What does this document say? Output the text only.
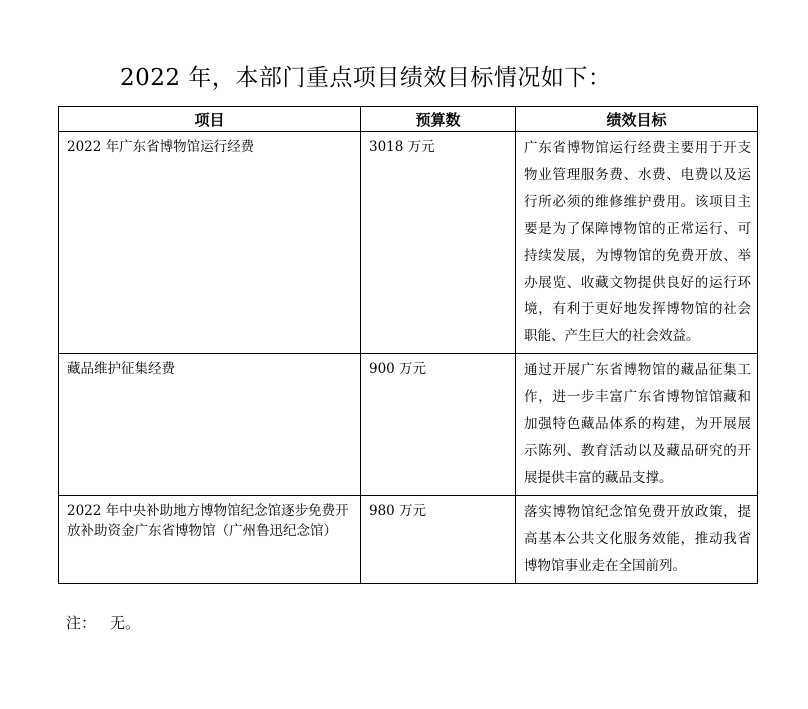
2022 年，本部门重点项目绩效目标情况如下：
项目	预算数	绩效目标
2022 年广东省博物馆运行经费	3018 万元	广东省博物馆运行经费主要用于开支物业管理服务费、水费、电费以及运行所必须的维修维护费用。该项目主要是为了保障博物馆的正常运行、可持续发展，为博物馆的免费开放、举办展览、收藏文物提供良好的运行环境，有利于更好地发挥博物馆的社会职能、产生巨大的社会效益。
藏品维护征集经费	900 万元	通过开展广东省博物馆的藏品征集工作，进一步丰富广东省博物馆馆藏和加强特色藏品体系的构建，为开展展示陈列、教育活动以及藏品研究的开展提供丰富的藏品支撑。
2022 年中央补助地方博物馆纪念馆逐步免费开放补助资金广东省博物馆（广州鲁迅纪念馆）	980 万元	落实博物馆纪念馆免费开放政策，提高基本公共文化服务效能，推动我省博物馆事业走在全国前列。
注： 无。
